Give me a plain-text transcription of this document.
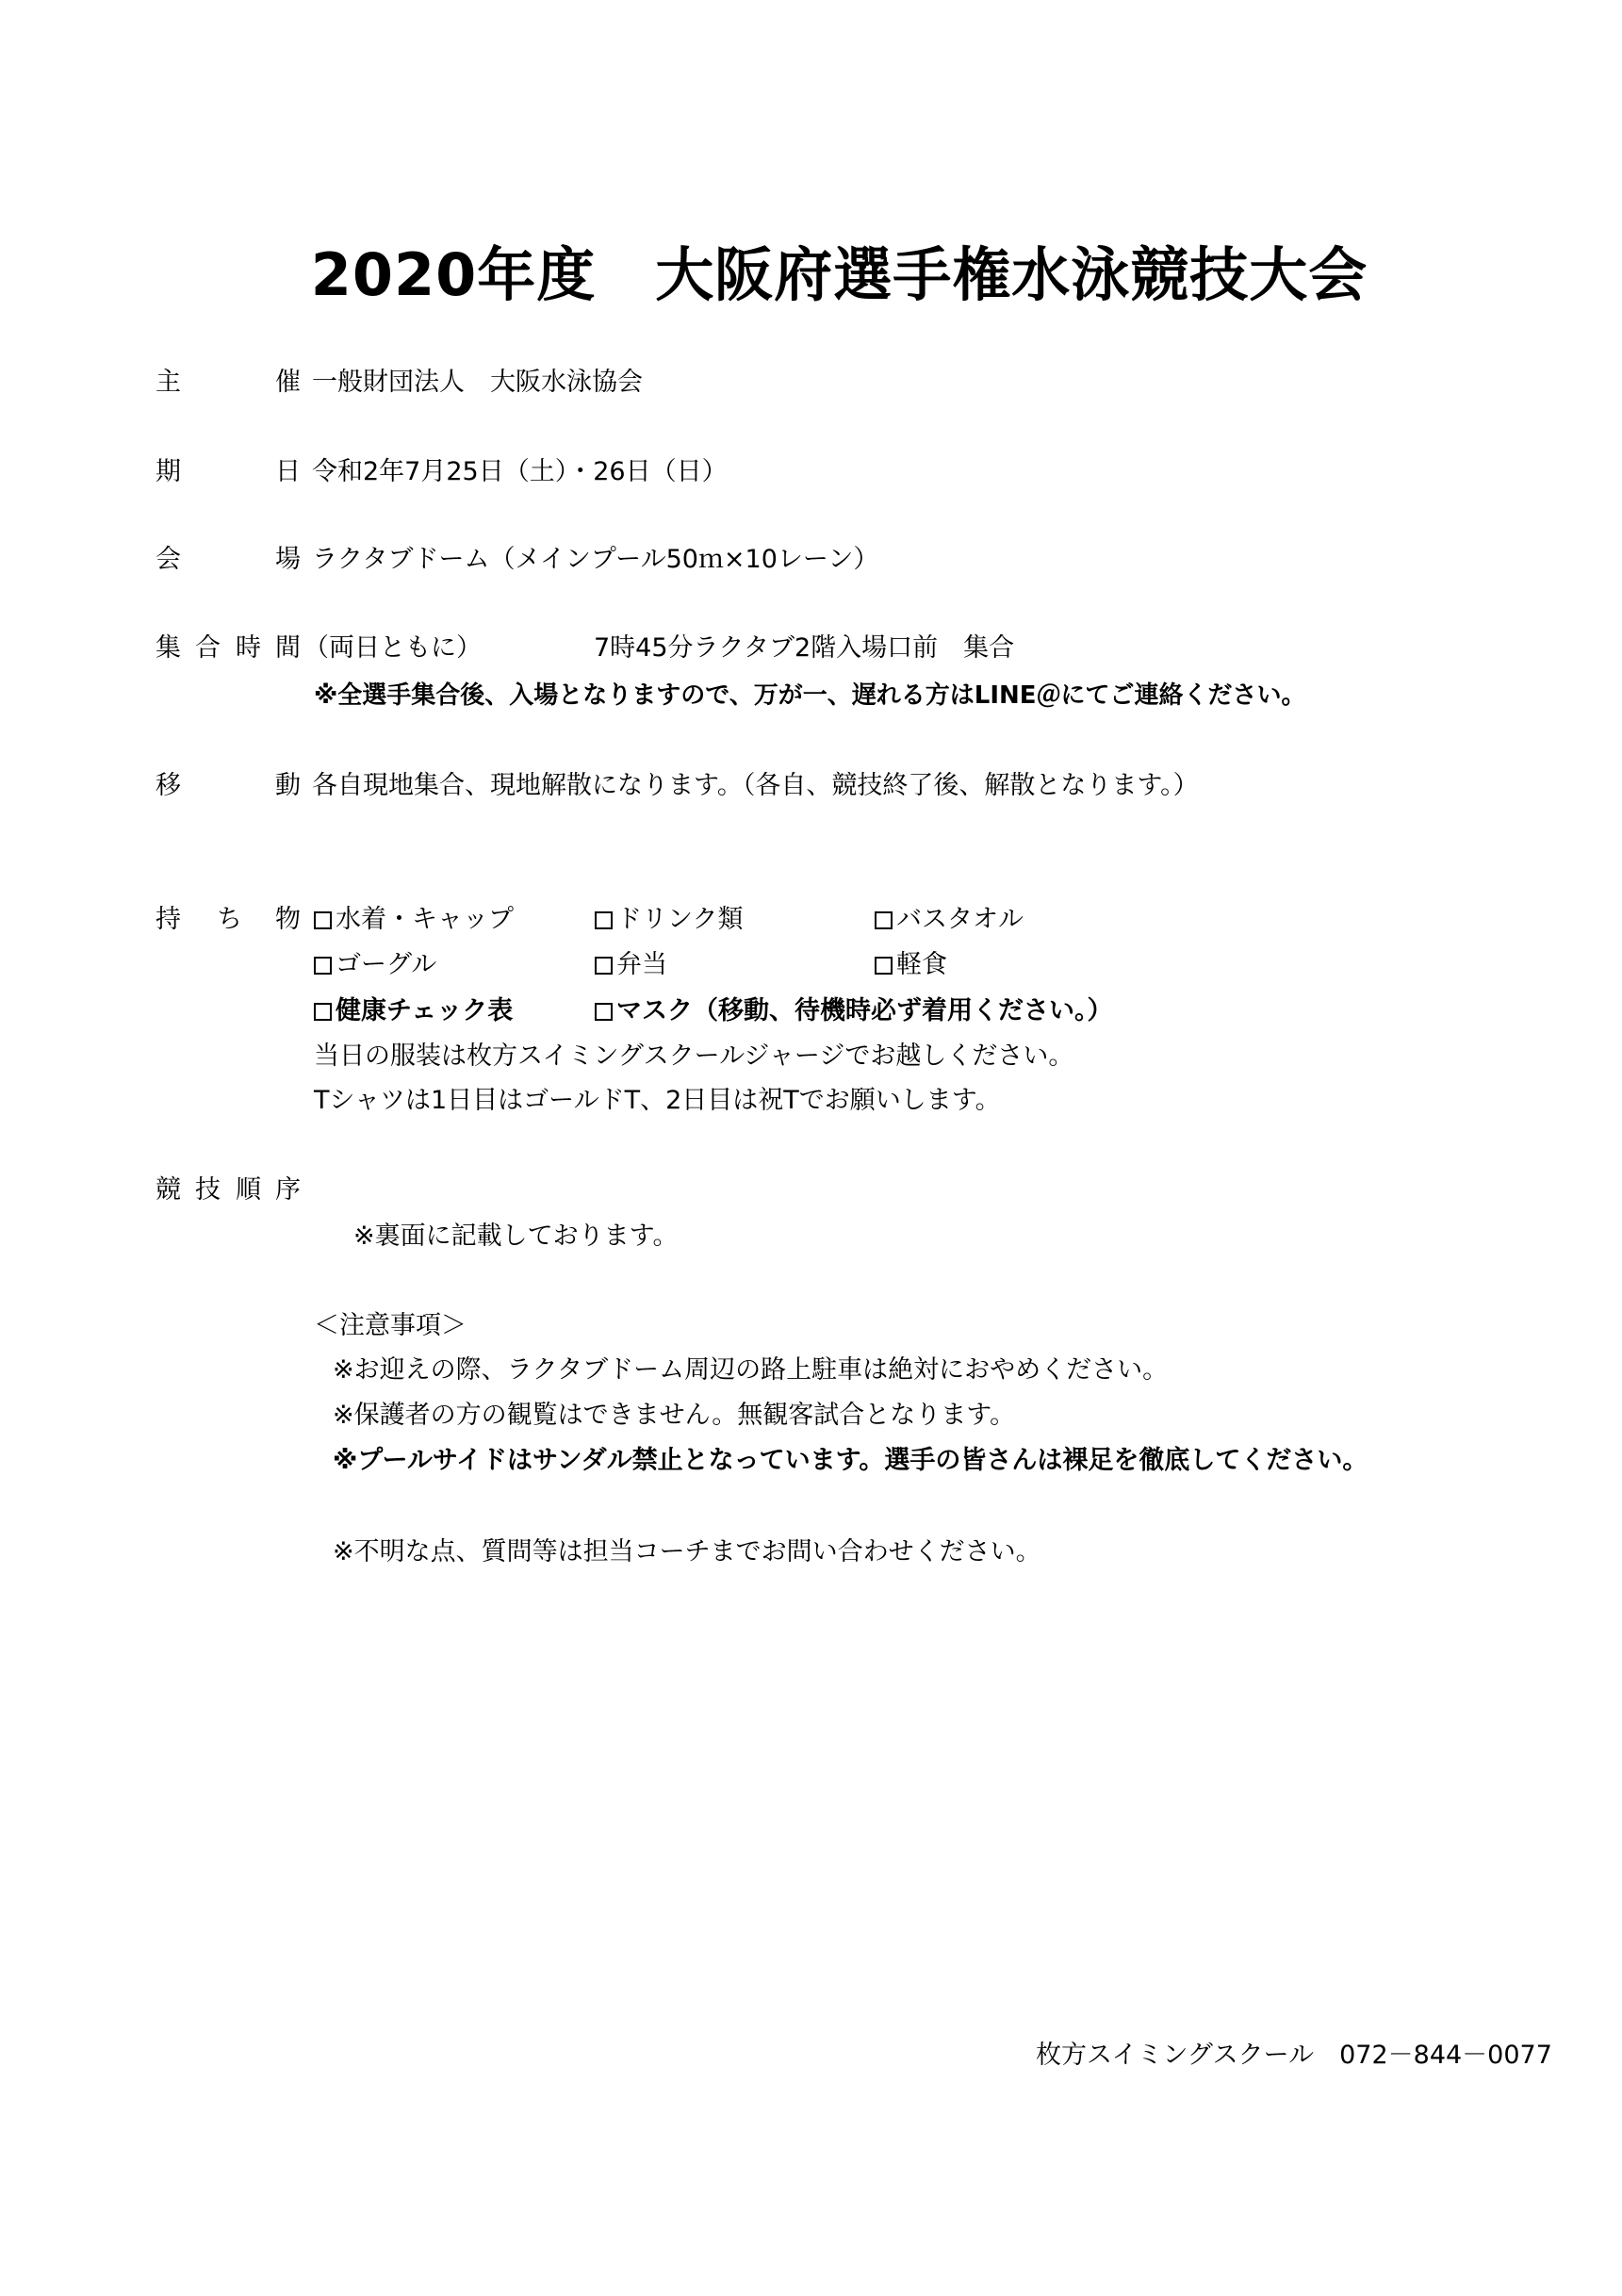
2020年度　大阪府選手権水泳競技大会
主	催 一般財団法人　大阪水泳協会
期	日 令和2年7月25日（土）・26日（日）
会	場 ラクタブドーム（メインプール50ｍ×10レーン）
集 合 時 間 （両日ともに）	7時45分ラクタブ2階入場口前　集合
※全選手集合後、入場となりますので、万が一、遅れる方はLINE＠にてご連絡ください。
移	動 各自現地集合、現地解散になります。（各自、競技終了後、解散となります。）
持 ち 物 水着・キャップ	ドリンク類	バスタオル
ゴーグル	弁当	軽食
健康チェック表	マスク（移動、待機時必ず着用ください。）
当日の服装は枚方スイミングスクールジャージでお越しください。
Tシャツは1日目はゴールドT、2日目は祝Tでお願いします。
競 技 順 序
※裏面に記載しております。
＜注意事項＞
※お迎えの際、ラクタブドーム周辺の路上駐車は絶対におやめください。
※保護者の方の観覧はできません。無観客試合となります。
※プールサイドはサンダル禁止となっています。選手の皆さんは裸足を徹底してください。
※不明な点、質問等は担当コーチまでお問い合わせください。
枚方スイミングスクール　072－844－0077
